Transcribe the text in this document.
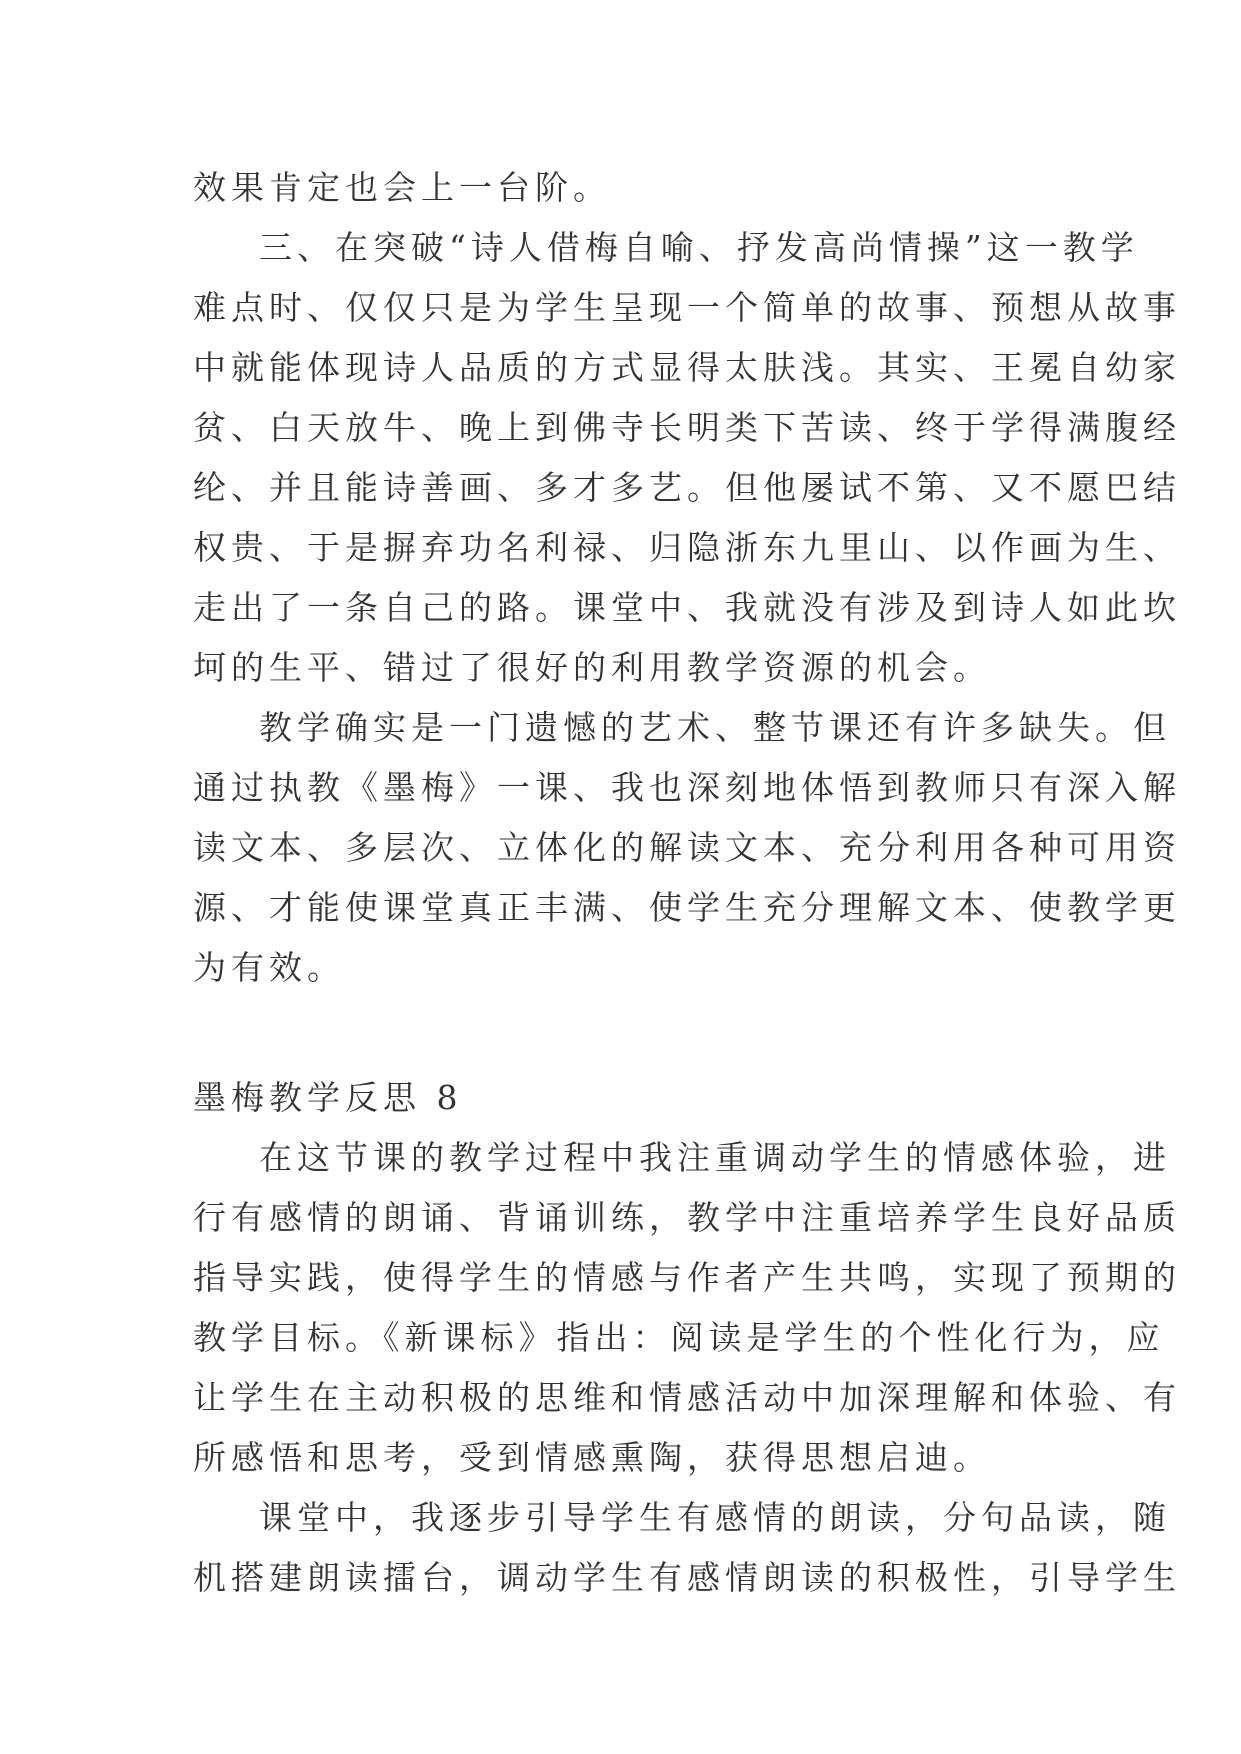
效果肯定也会上一台阶。
三、在突破“诗人借梅自喻、抒发高尚情操”这一教学
难点时、仅仅只是为学生呈现一个简单的故事、预想从故事
中就能体现诗人品质的方式显得太肤浅。其实、王冕自幼家
贫、白天放牛、晚上到佛寺长明类下苦读、终于学得满腹经
纶、并且能诗善画、多才多艺。但他屡试不第、又不愿巴结
权贵、于是摒弃功名利禄、归隐浙东九里山、以作画为生、
走出了一条自己的路。课堂中、我就没有涉及到诗人如此坎
坷的生平、错过了很好的利用教学资源的机会。
教学确实是一门遗憾的艺术、整节课还有许多缺失。但
通过执教《墨梅》一课、我也深刻地体悟到教师只有深入解
读文本、多层次、立体化的解读文本、充分利用各种可用资
源、才能使课堂真正丰满、使学生充分理解文本、使教学更
为有效。
墨梅教学反思 8
在这节课的教学过程中我注重调动学生的情感体验，进
行有感情的朗诵、背诵训练，教学中注重培养学生良好品质
指导实践，使得学生的情感与作者产生共鸣，实现了预期的
教学目标。《新课标》指出：阅读是学生的个性化行为，应
让学生在主动积极的思维和情感活动中加深理解和体验、有
所感悟和思考，受到情感熏陶，获得思想启迪。
课堂中，我逐步引导学生有感情的朗读，分句品读，随
机搭建朗读擂台，调动学生有感情朗读的积极性，引导学生
